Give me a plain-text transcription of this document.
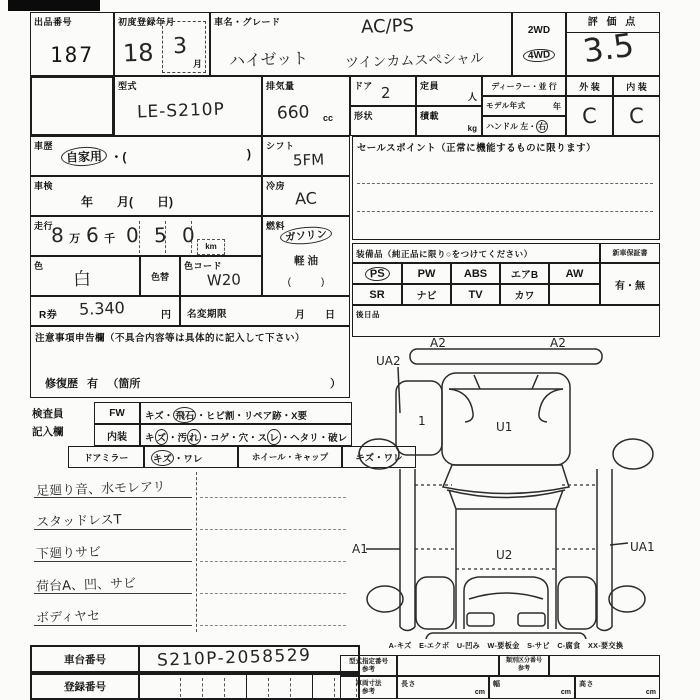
出品番号
187
初度登録年月
18 3
月
車名・グレード	AC/PS
ハイゼット	ツインカムスペシャル
2WD
4WD
評 価 点
3.5
型式
LE-S210P
排気量
660 cc
ドア 2	定員
人
形状	積載
kg
ディーラー・並 行
モデル年式	年
ハンドル 左・ 右
外 装	内 装
C	C
車歴
自家用 ・(	)
シフト
5FM
車検
年　　月(　　日)
冷房
AC
走行
8 万 6 千 0 5 0	km
燃料
ガソリン
軽 油
(　　　)
色
白	色替
色コード
W20
R券 5.340	円 名変期限	月　　日
注意事項申告欄（不具合内容等は具体的に記入して下さい）
修復歴 有 （箇所	）
検査員
記入欄
FW	キズ・ 飛石 ・ヒビ割・リペア跡・X要
内装	キ ズ ・汚 れ ・コゲ・穴・ス レ ・ヘタリ・破レ
ドアミラー	キズ ・ワレ	ホイール・キャップ	キズ・ワレ
足廻り音、水モレアリ
スタッドレスT
下廻りサビ
荷台A、凹、サビ
ボディヤセ
車台番号	S210P-2058529
登録番号
セールスポイント（正常に機能するものに限ります）
装備品（純正品に限り○をつけてください）	新車保証書
PS	PW	ABS	エアB	AW
SR	ナビ	TV	カワ
有・無
後日品
A2	A2
UA2
1	U1
A1	U2
UA1
A-キズ　E-エクボ　U-凹み　W-要板金　S-サビ　C-腐食　XX-要交換
型式指定番号
参考
類別区分番号
参考
車両寸法
参考
長さ
cm
幅
cm
高さ
cm
